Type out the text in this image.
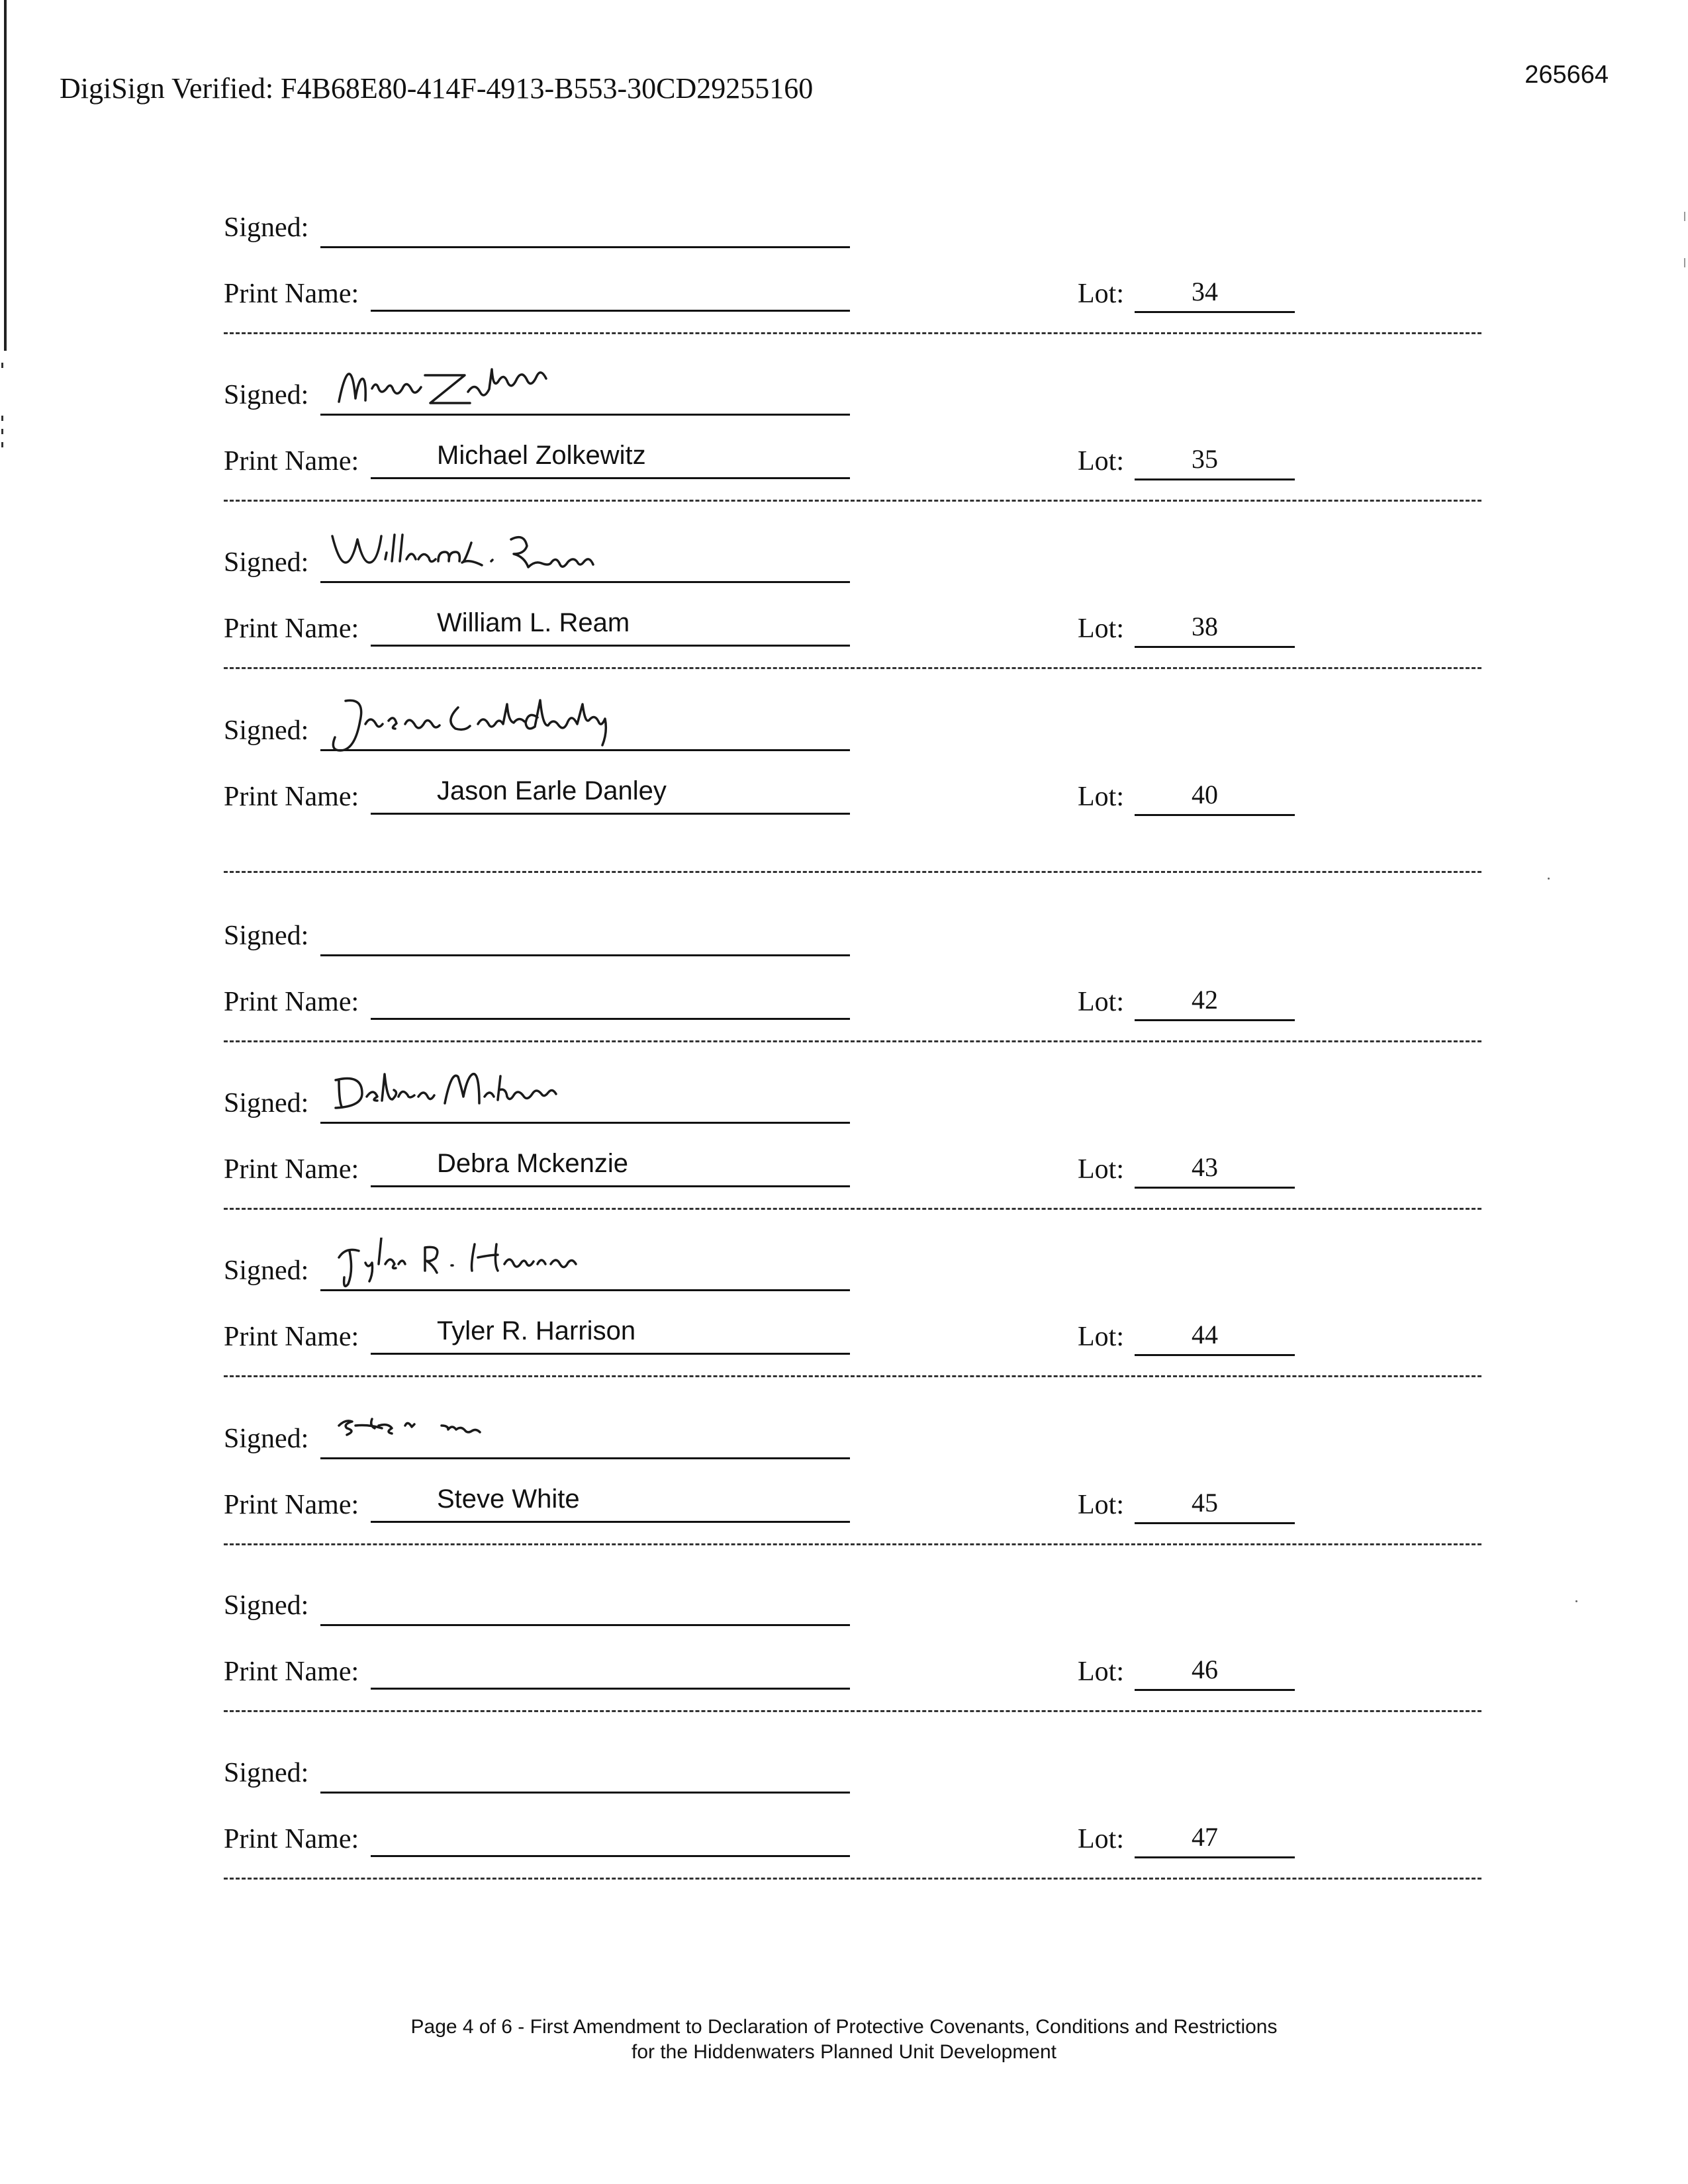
DigiSign Verified: F4B68E80-414F-4913-B553-30CD29255160	265664
Signed:
Print Name:	Lot:	34
Signed:
Print Name:	Michael Zolkewitz	Lot:	35
Signed:
Print Name:	William L. Ream	Lot:	38
Signed:
Print Name:	Jason Earle Danley	Lot:	40
Signed:
Print Name:	Lot:	42
Signed:
Print Name:	Debra Mckenzie	Lot:	43
Signed:
Print Name:	Tyler R. Harrison	Lot:	44
Signed:
Print Name:	Steve White	Lot:	45
Signed:
Print Name:	Lot:	46
Signed:
Print Name:	Lot:	47
Page 4 of 6 - First Amendment to Declaration of Protective Covenants, Conditions and Restrictions
for the Hiddenwaters Planned Unit Development
